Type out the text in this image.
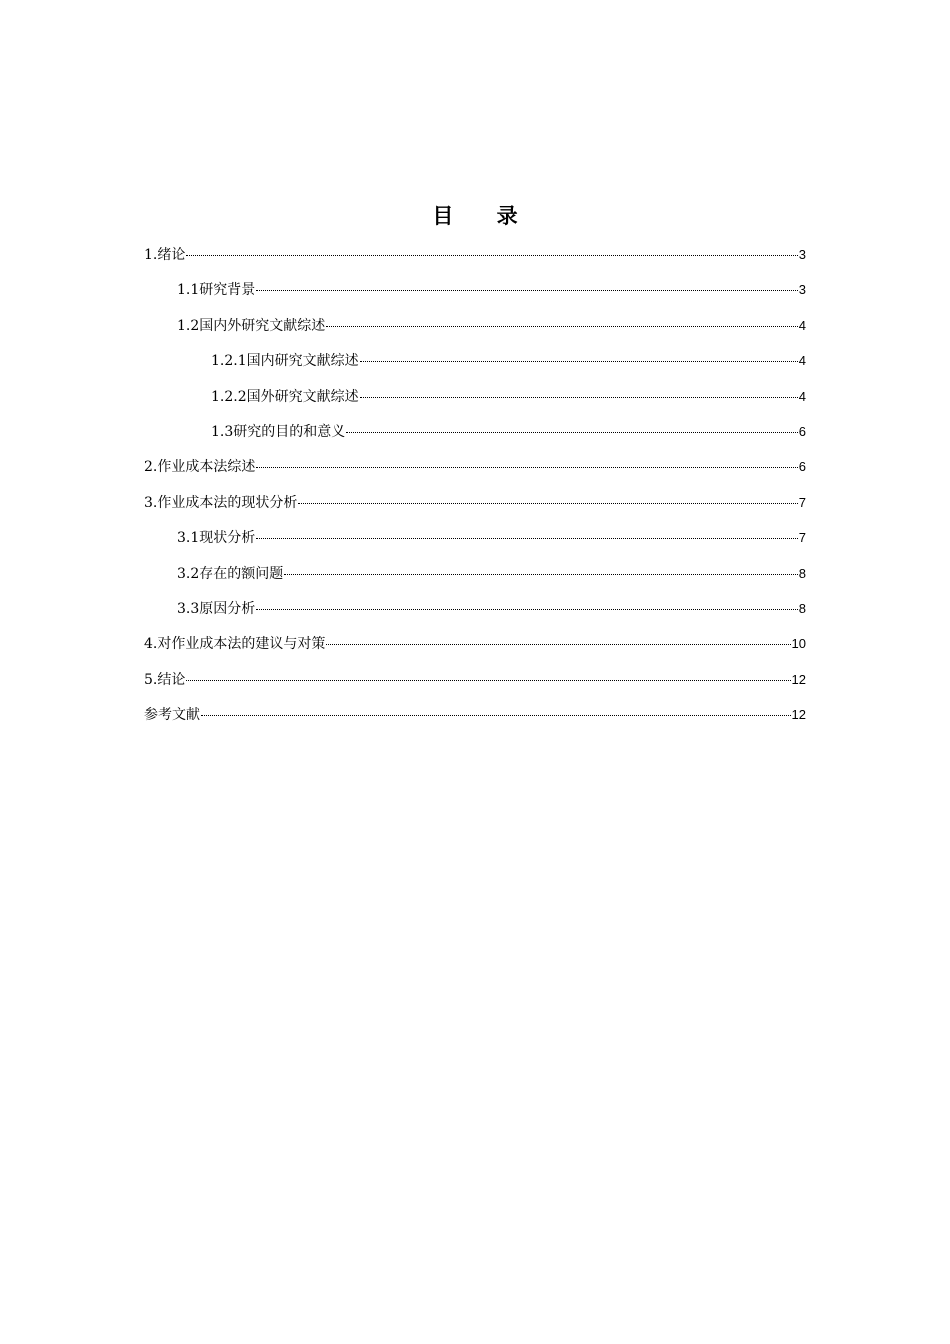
目 录
1.绪论	3
1.1研究背景	3
1.2国内外研究文献综述	4
1.2.1国内研究文献综述	4
1.2.2国外研究文献综述	4
1.3研究的目的和意义	6
2.作业成本法综述	6
3.作业成本法的现状分析	7
3.1现状分析	7
3.2存在的额问题	8
3.3原因分析	8
4.对作业成本法的建议与对策	10
5.结论	12
参考文献	12
